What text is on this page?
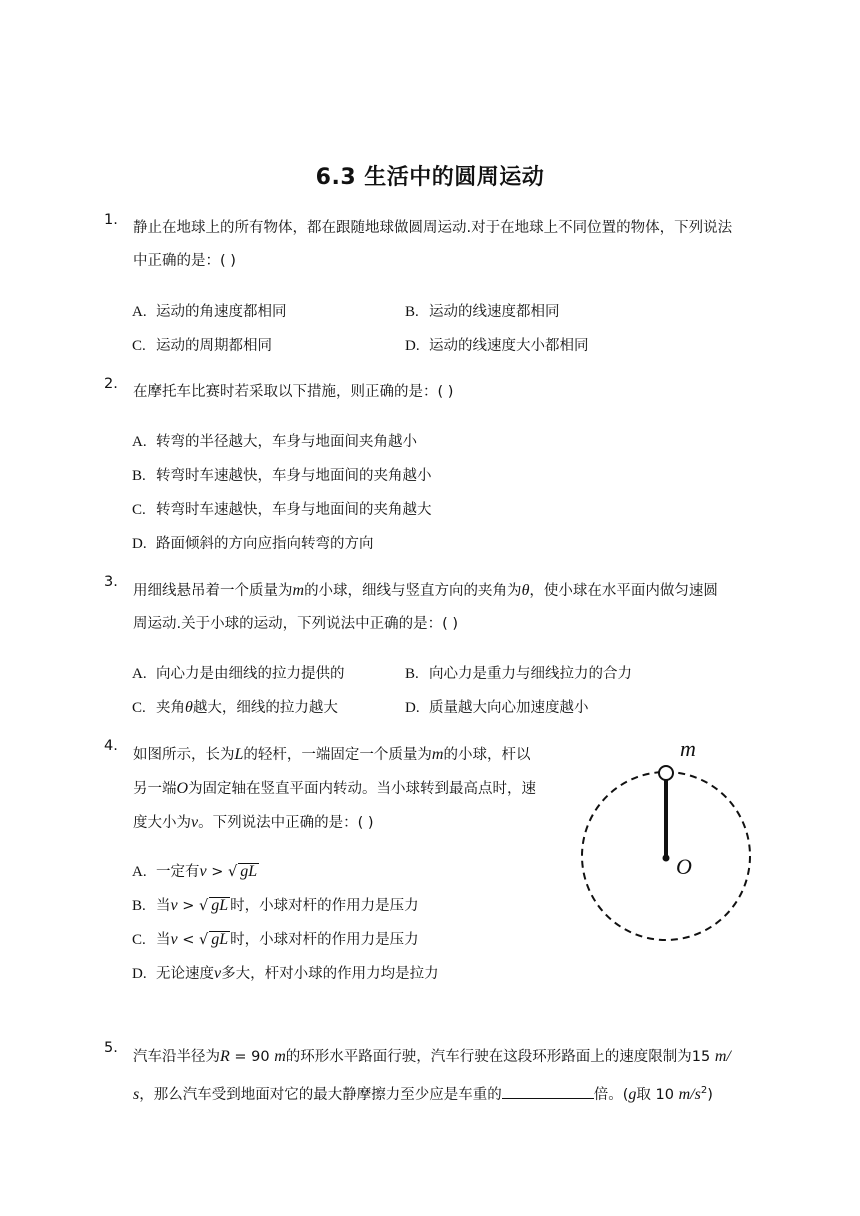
6.3 生活中的圆周运动
1.	静止在地球上的所有物体，都在跟随地球做圆周运动.对于在地球上不同位置的物体，下列说法
中正确的是：( )
A. 运动的角速度都相同	B. 运动的线速度都相同
C. 运动的周期都相同	D. 运动的线速度大小都相同
2.	在摩托车比赛时若采取以下措施，则正确的是：( )
A. 转弯的半径越大，车身与地面间夹角越小
B. 转弯时车速越快，车身与地面间的夹角越小
C. 转弯时车速越快，车身与地面间的夹角越大
D. 路面倾斜的方向应指向转弯的方向
3.
用细线悬吊着一个质量为m的小球，细线与竖直方向的夹角为θ，使小球在水平面内做匀速圆
周运动.关于小球的运动，下列说法中正确的是：( )
A. 向心力是由细线的拉力提供的	B. 向心力是重力与细线拉力的合力
C. 夹角θ越大，细线的拉力越大	D. 质量越大向心加速度越小
4.
如图所示，长为L的轻杆，一端固定一个质量为m的小球，杆以
另一端O为固定轴在竖直平面内转动。当小球转到最高点时，速
度大小为v。下列说法中正确的是：( )
A. 一定有v > √ gL
B. 当v > √ gL 时，小球对杆的作用力是压力
C. 当v < √ gL 时，小球对杆的作用力是压力
D. 无论速度v多大，杆对小球的作用力均是拉力
m
O
5.
汽车沿半径为R = 90 m的环形水平路面行驶，汽车行驶在这段环形路面上的速度限制为15 m/
s，那么汽车受到地面对它的最大静摩擦力至少应是车重的	倍。(g取 10 $m/s^2$)
